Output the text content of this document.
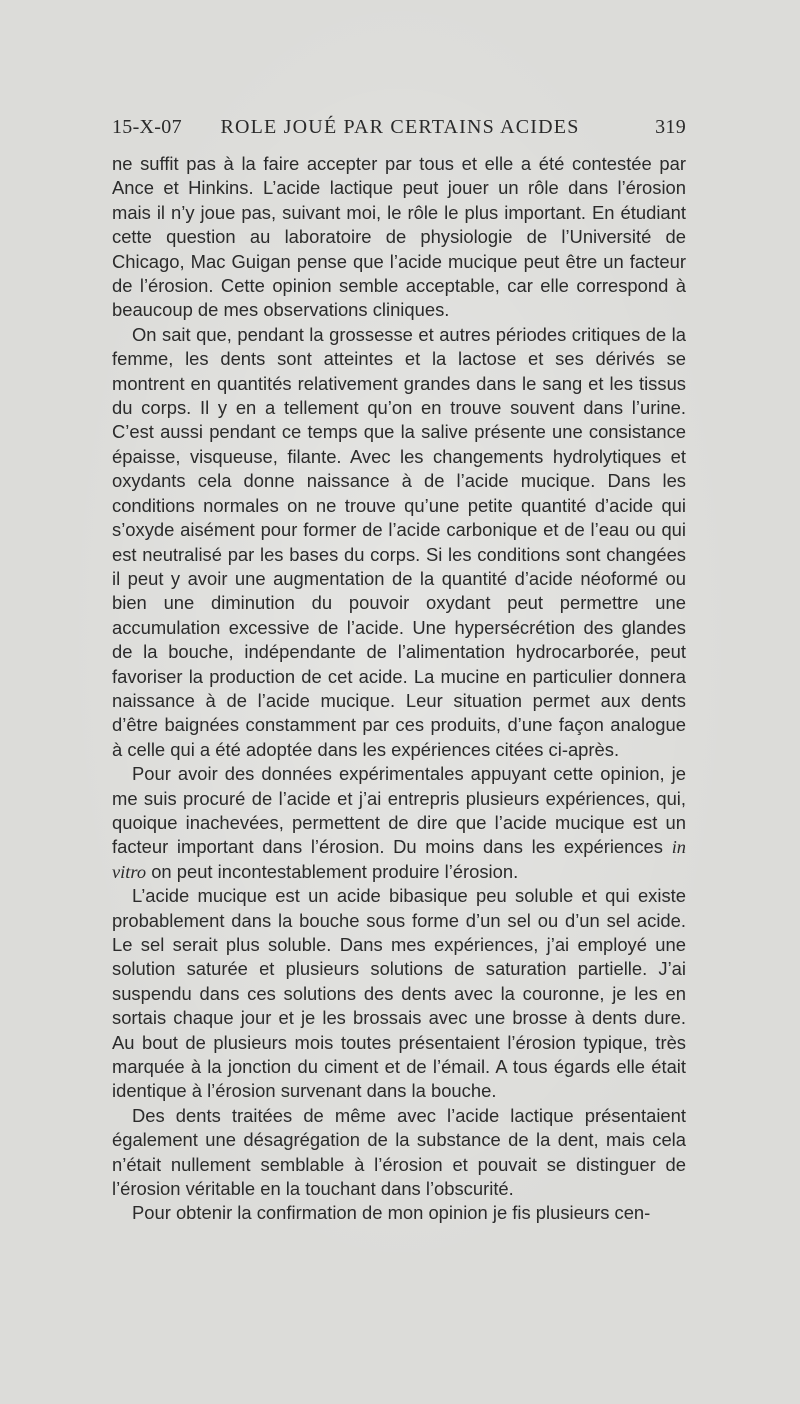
15-X-07	ROLE JOUÉ PAR CERTAINS ACIDES	319

ne suffit pas à la faire accepter par tous et elle a été contestée par Ance et Hinkins. L’acide lactique peut jouer un rôle dans l’érosion mais il n’y joue pas, suivant moi, le rôle le plus important. En étudiant cette question au laboratoire de physiologie de l’Université de Chicago, Mac Guigan pense que l’acide mucique peut être un facteur de l’érosion. Cette opinion semble acceptable, car elle correspond à beaucoup de mes observations cliniques.

On sait que, pendant la grossesse et autres périodes critiques de la femme, les dents sont atteintes et la lactose et ses dérivés se montrent en quantités relativement grandes dans le sang et les tissus du corps. Il y en a tellement qu’on en trouve souvent dans l’urine. C’est aussi pendant ce temps que la salive présente une consistance épaisse, visqueuse, filante. Avec les changements hydrolytiques et oxydants cela donne naissance à de l’acide mucique. Dans les conditions normales on ne trouve qu’une petite quantité d’acide qui s’oxyde aisément pour former de l’acide carbonique et de l’eau ou qui est neutralisé par les bases du corps. Si les conditions sont changées il peut y avoir une augmentation de la quantité d’acide néoformé ou bien une diminution du pouvoir oxydant peut permettre une accumulation excessive de l’acide. Une hypersécrétion des glandes de la bouche, indépendante de l’alimentation hydrocarborée, peut favoriser la production de cet acide. La mucine en particulier donnera naissance à de l’acide mucique. Leur situation permet aux dents d’être baignées constamment par ces produits, d’une façon analogue à celle qui a été adoptée dans les expériences citées ci-après.

Pour avoir des données expérimentales appuyant cette opinion, je me suis procuré de l’acide et j’ai entrepris plusieurs expériences, qui, quoique inachevées, permettent de dire que l’acide mucique est un facteur important dans l’érosion. Du moins dans les expériences in vitro on peut incontestablement produire l’érosion.

L’acide mucique est un acide bibasique peu soluble et qui existe probablement dans la bouche sous forme d’un sel ou d’un sel acide. Le sel serait plus soluble. Dans mes expériences, j’ai employé une solution saturée et plusieurs solutions de saturation partielle. J’ai suspendu dans ces solutions des dents avec la couronne, je les en sortais chaque jour et je les brossais avec une brosse à dents dure. Au bout de plusieurs mois toutes présentaient l’érosion typique, très marquée à la jonction du ciment et de l’émail. A tous égards elle était identique à l’érosion survenant dans la bouche.

Des dents traitées de même avec l’acide lactique présentaient également une désagrégation de la substance de la dent, mais cela n’était nullement semblable à l’érosion et pouvait se distinguer de l’érosion véritable en la touchant dans l’obscurité.

Pour obtenir la confirmation de mon opinion je fis plusieurs cen-
